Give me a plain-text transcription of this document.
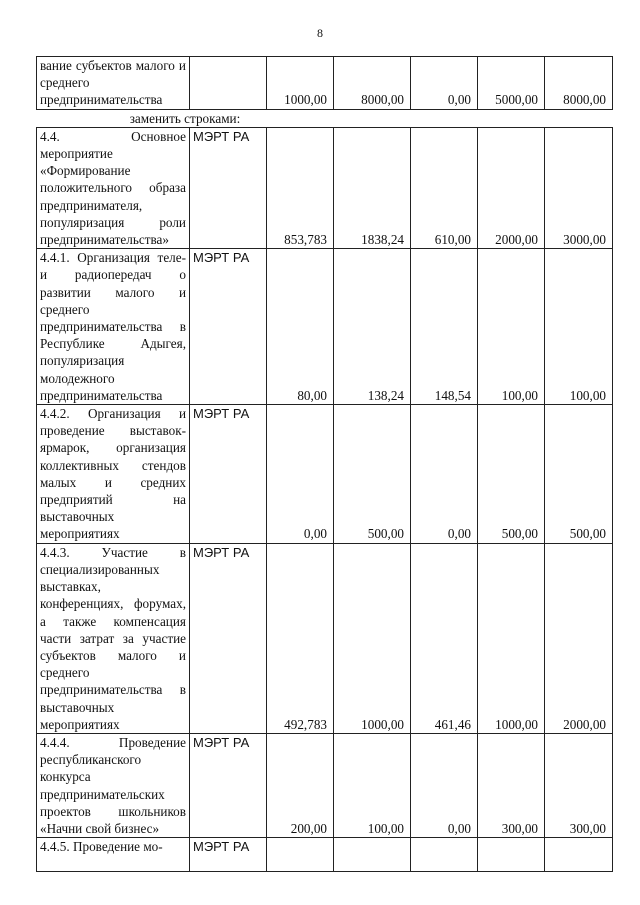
8
вание субъектов малого и среднего предпринимательства		1000,00	8000,00	0,00	5000,00	8000,00
заменить строками:						
4.4. Основное мероприятие «Формирование положительного образа предпринимателя, популяризация роли предпринимательства»	МЭРТ РА	853,783	1838,24	610,00	2000,00	3000,00
4.4.1. Организация теле- и радиопередач о развитии малого и среднего предпринимательства в Республике Адыгея, популяризация молодежного предпринимательства	МЭРТ РА	80,00	138,24	148,54	100,00	100,00
4.4.2. Организация и проведение выставок-ярмарок, организация коллективных стендов малых и средних предприятий на выставочных мероприятиях	МЭРТ РА	0,00	500,00	0,00	500,00	500,00
4.4.3. Участие в специализированных выставках, конференциях, форумах, а также компенсация части затрат за участие субъектов малого и среднего предпринимательства в выставочных мероприятиях	МЭРТ РА	492,783	1000,00	461,46	1000,00	2000,00
4.4.4. Проведение республиканского конкурса предпринимательских проектов школьников «Начни свой бизнес»	МЭРТ РА	200,00	100,00	0,00	300,00	300,00
4.4.5. Проведение мо-	МЭРТ РА					
